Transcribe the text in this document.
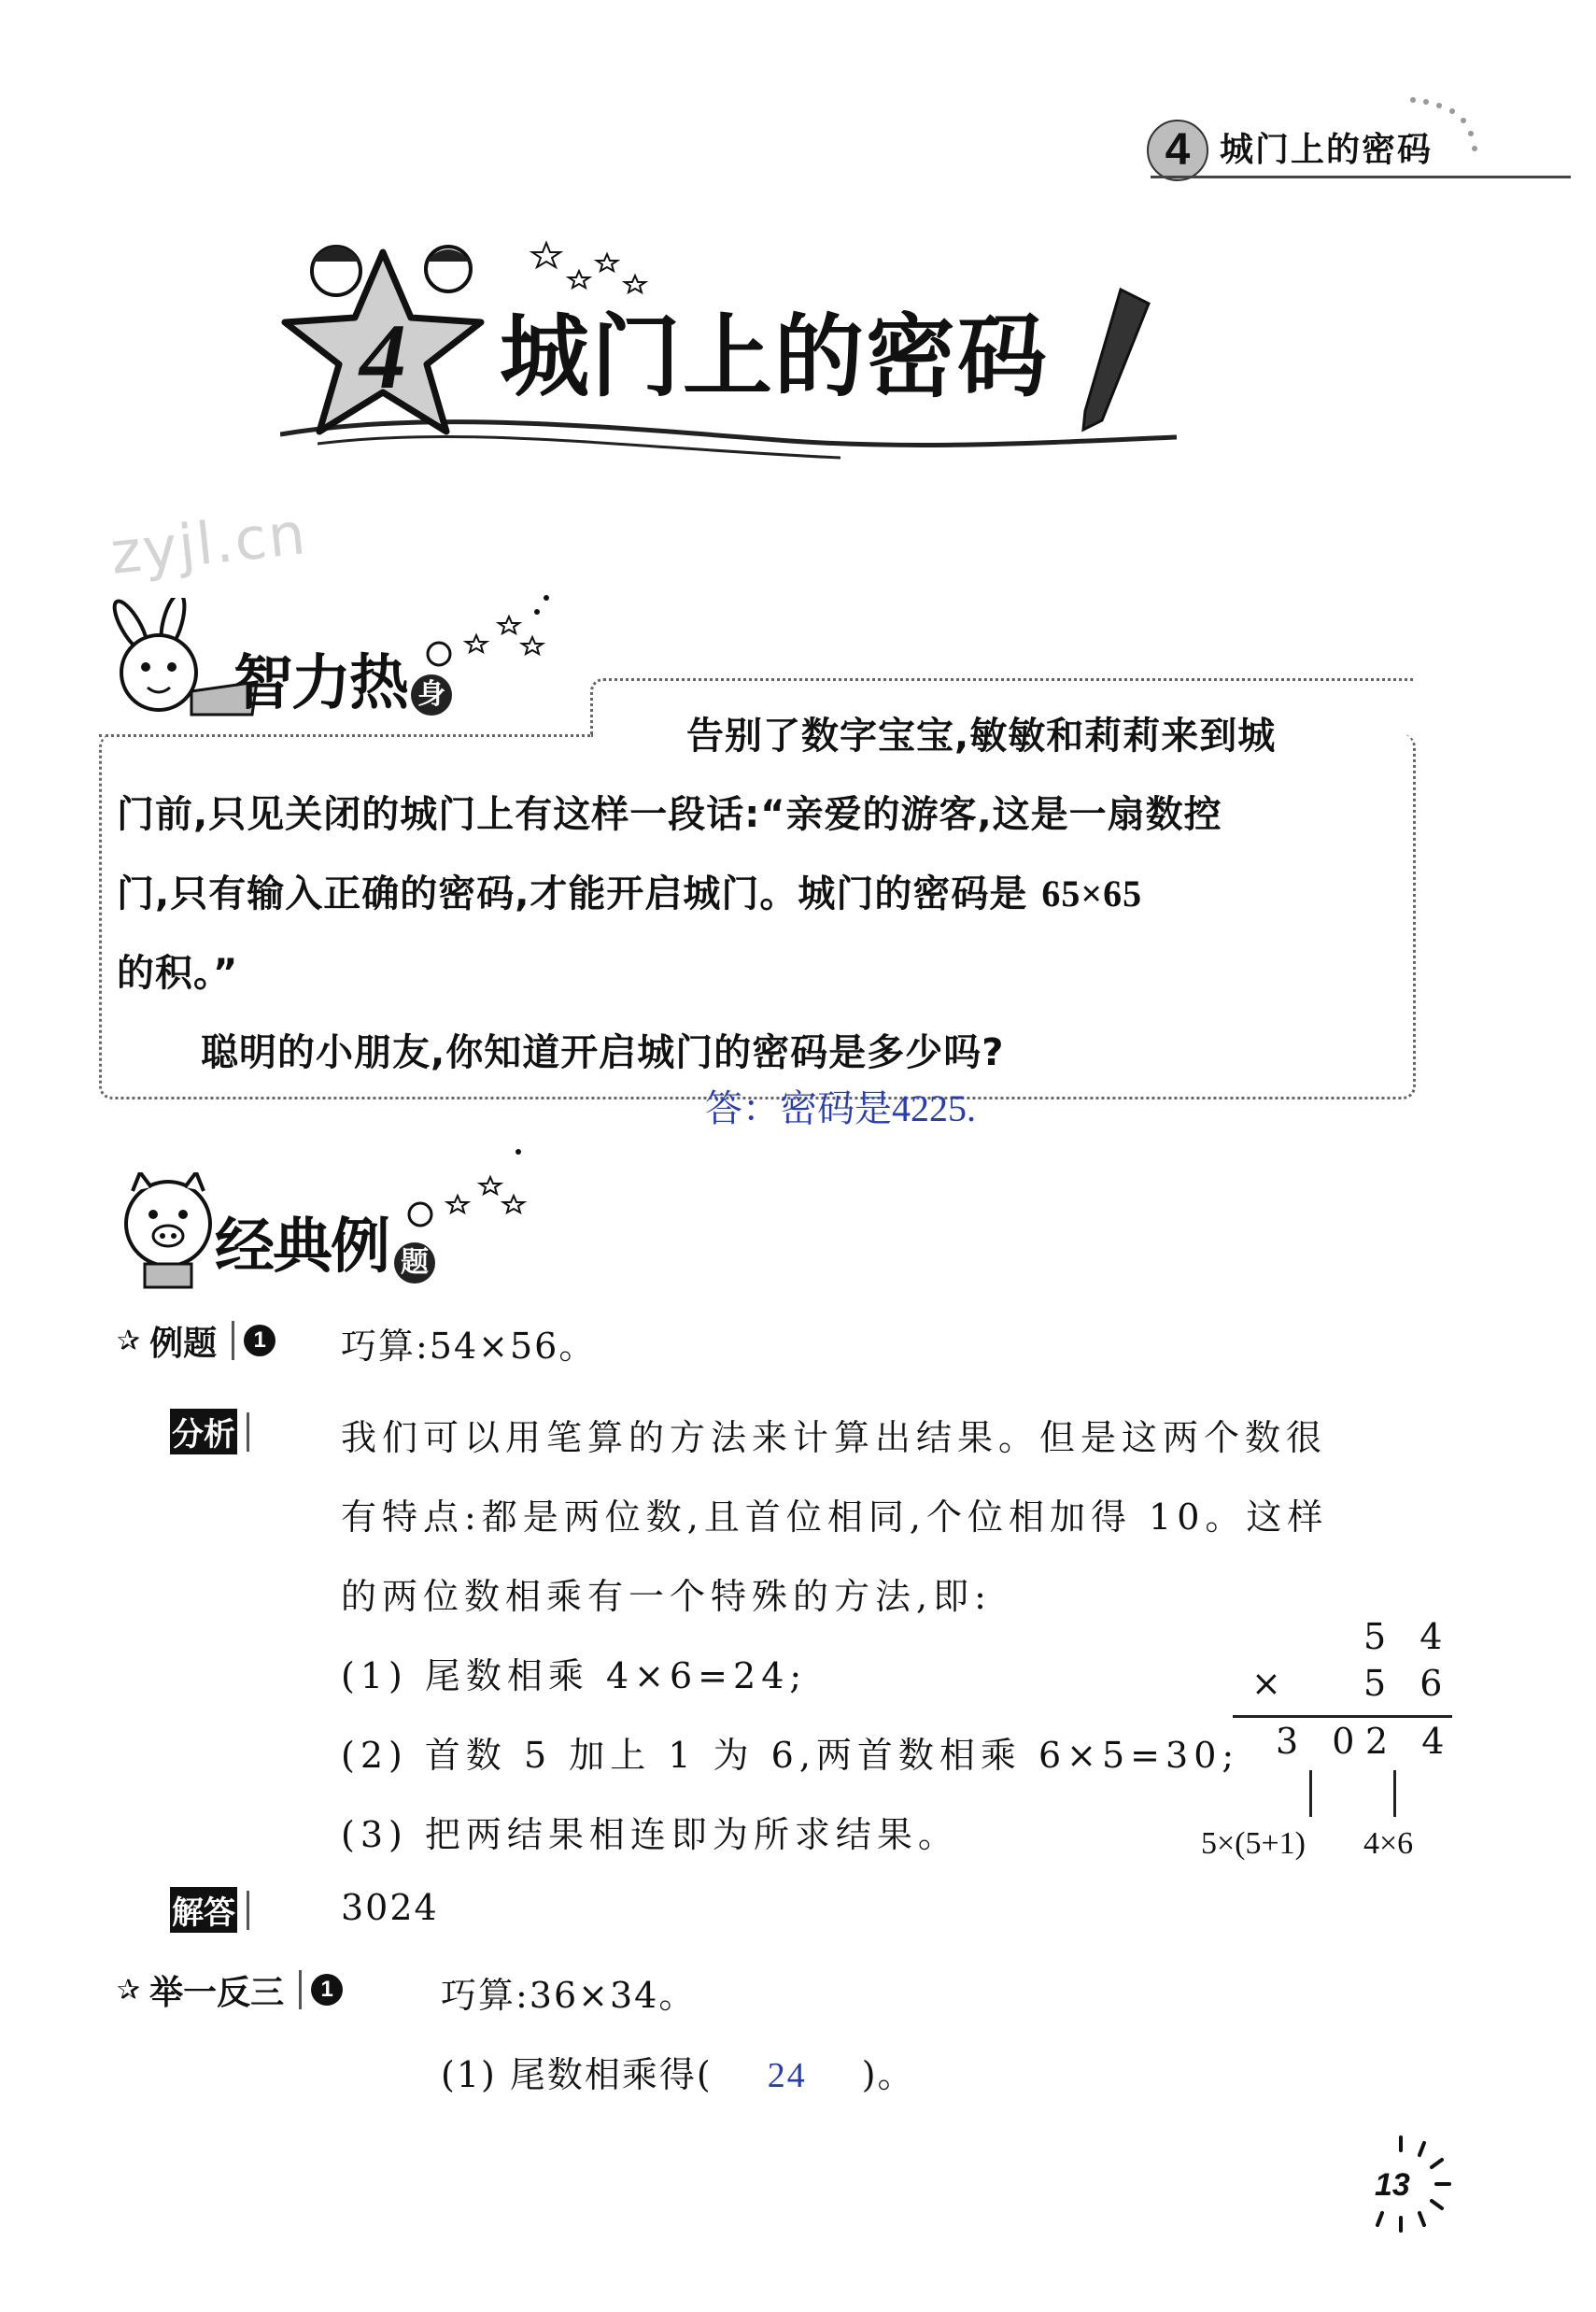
4 城门上的密码
4 城门上的密码
zyjl.cn
智力热 身
告别了数字宝宝,敏敏和莉莉来到城
门前,只见关闭的城门上有这样一段话:“亲爱的游客,这是一扇数控
门,只有输入正确的密码,才能开启城门。城门的密码是 65×65
的积。”
聪明的小朋友,你知道开启城门的密码是多少吗?
答：密码是4225.
经典例 题
✰ 例题	1 巧算:54×56。
分析	我们可以用笔算的方法来计算出结果。但是这两个数很
有特点:都是两位数,且首位相同,个位相加得 10。这样
的两位数相乘有一个特殊的方法,即:
(1) 尾数相乘 4×6=24;
(2) 首数 5 加上 1 为 6,两首数相乘 6×5=30;
(3) 把两结果相连即为所求结果。
5 4
× 5 6
3 0 2 4
5×(5+1) 4×6
解答	3024
✰ 举一反三	1	巧算:36×34。
(1) 尾数相乘得( 24 )。
13
